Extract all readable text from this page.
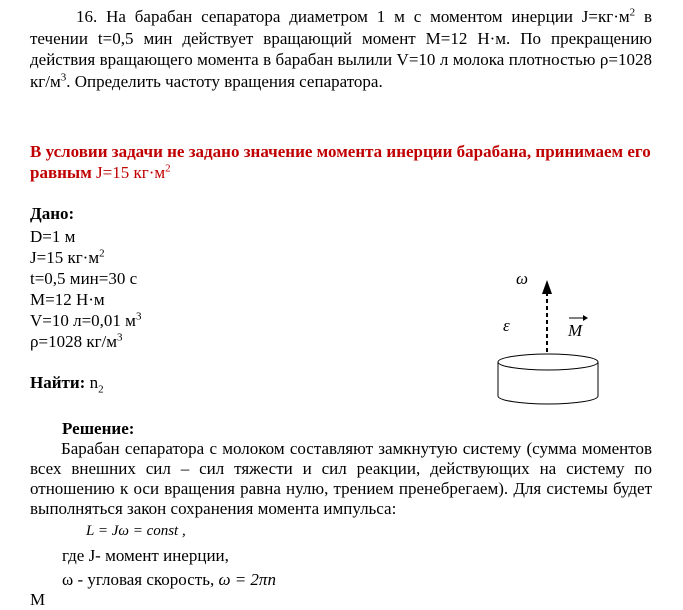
16. На барабан сепаратора диаметром 1 м с моментом инерции $J=кг\cdot м^2$ в течении t=0,5 мин действует вращающий момент М=12 Н·м. По прекращению действия вращающего момента в барабан вылили V=10 л молока плотностью ρ=1028 $кг/м^3$. Определить частоту вращения сепаратора.
В условии задачи не задано значение момента инерции барабана, принимаем его равным J=15 $кг\cdot м^2$
Дано:
D=1 м
J=15 $кг\cdot м^2$
t=0,5 мин=30 с
М=12 Н·м
V=10 л=0,01 $м^3$
ρ=1028 $кг/м^3$
Найти: $n_2$
ω
ε	M
Решение:
Барабан сепаратора с молоком составляют замкнутую систему (сумма моментов всех внешних сил – сил тяжести и сил реакции, действующих на систему по отношению к оси вращения равна нулю, трением пренебрегаем). Для системы будет выполняться закон сохранения момента импульса:
L = Jω = const ,
где J- момент инерции,
ω - угловая скорость, ω = 2πn
М
